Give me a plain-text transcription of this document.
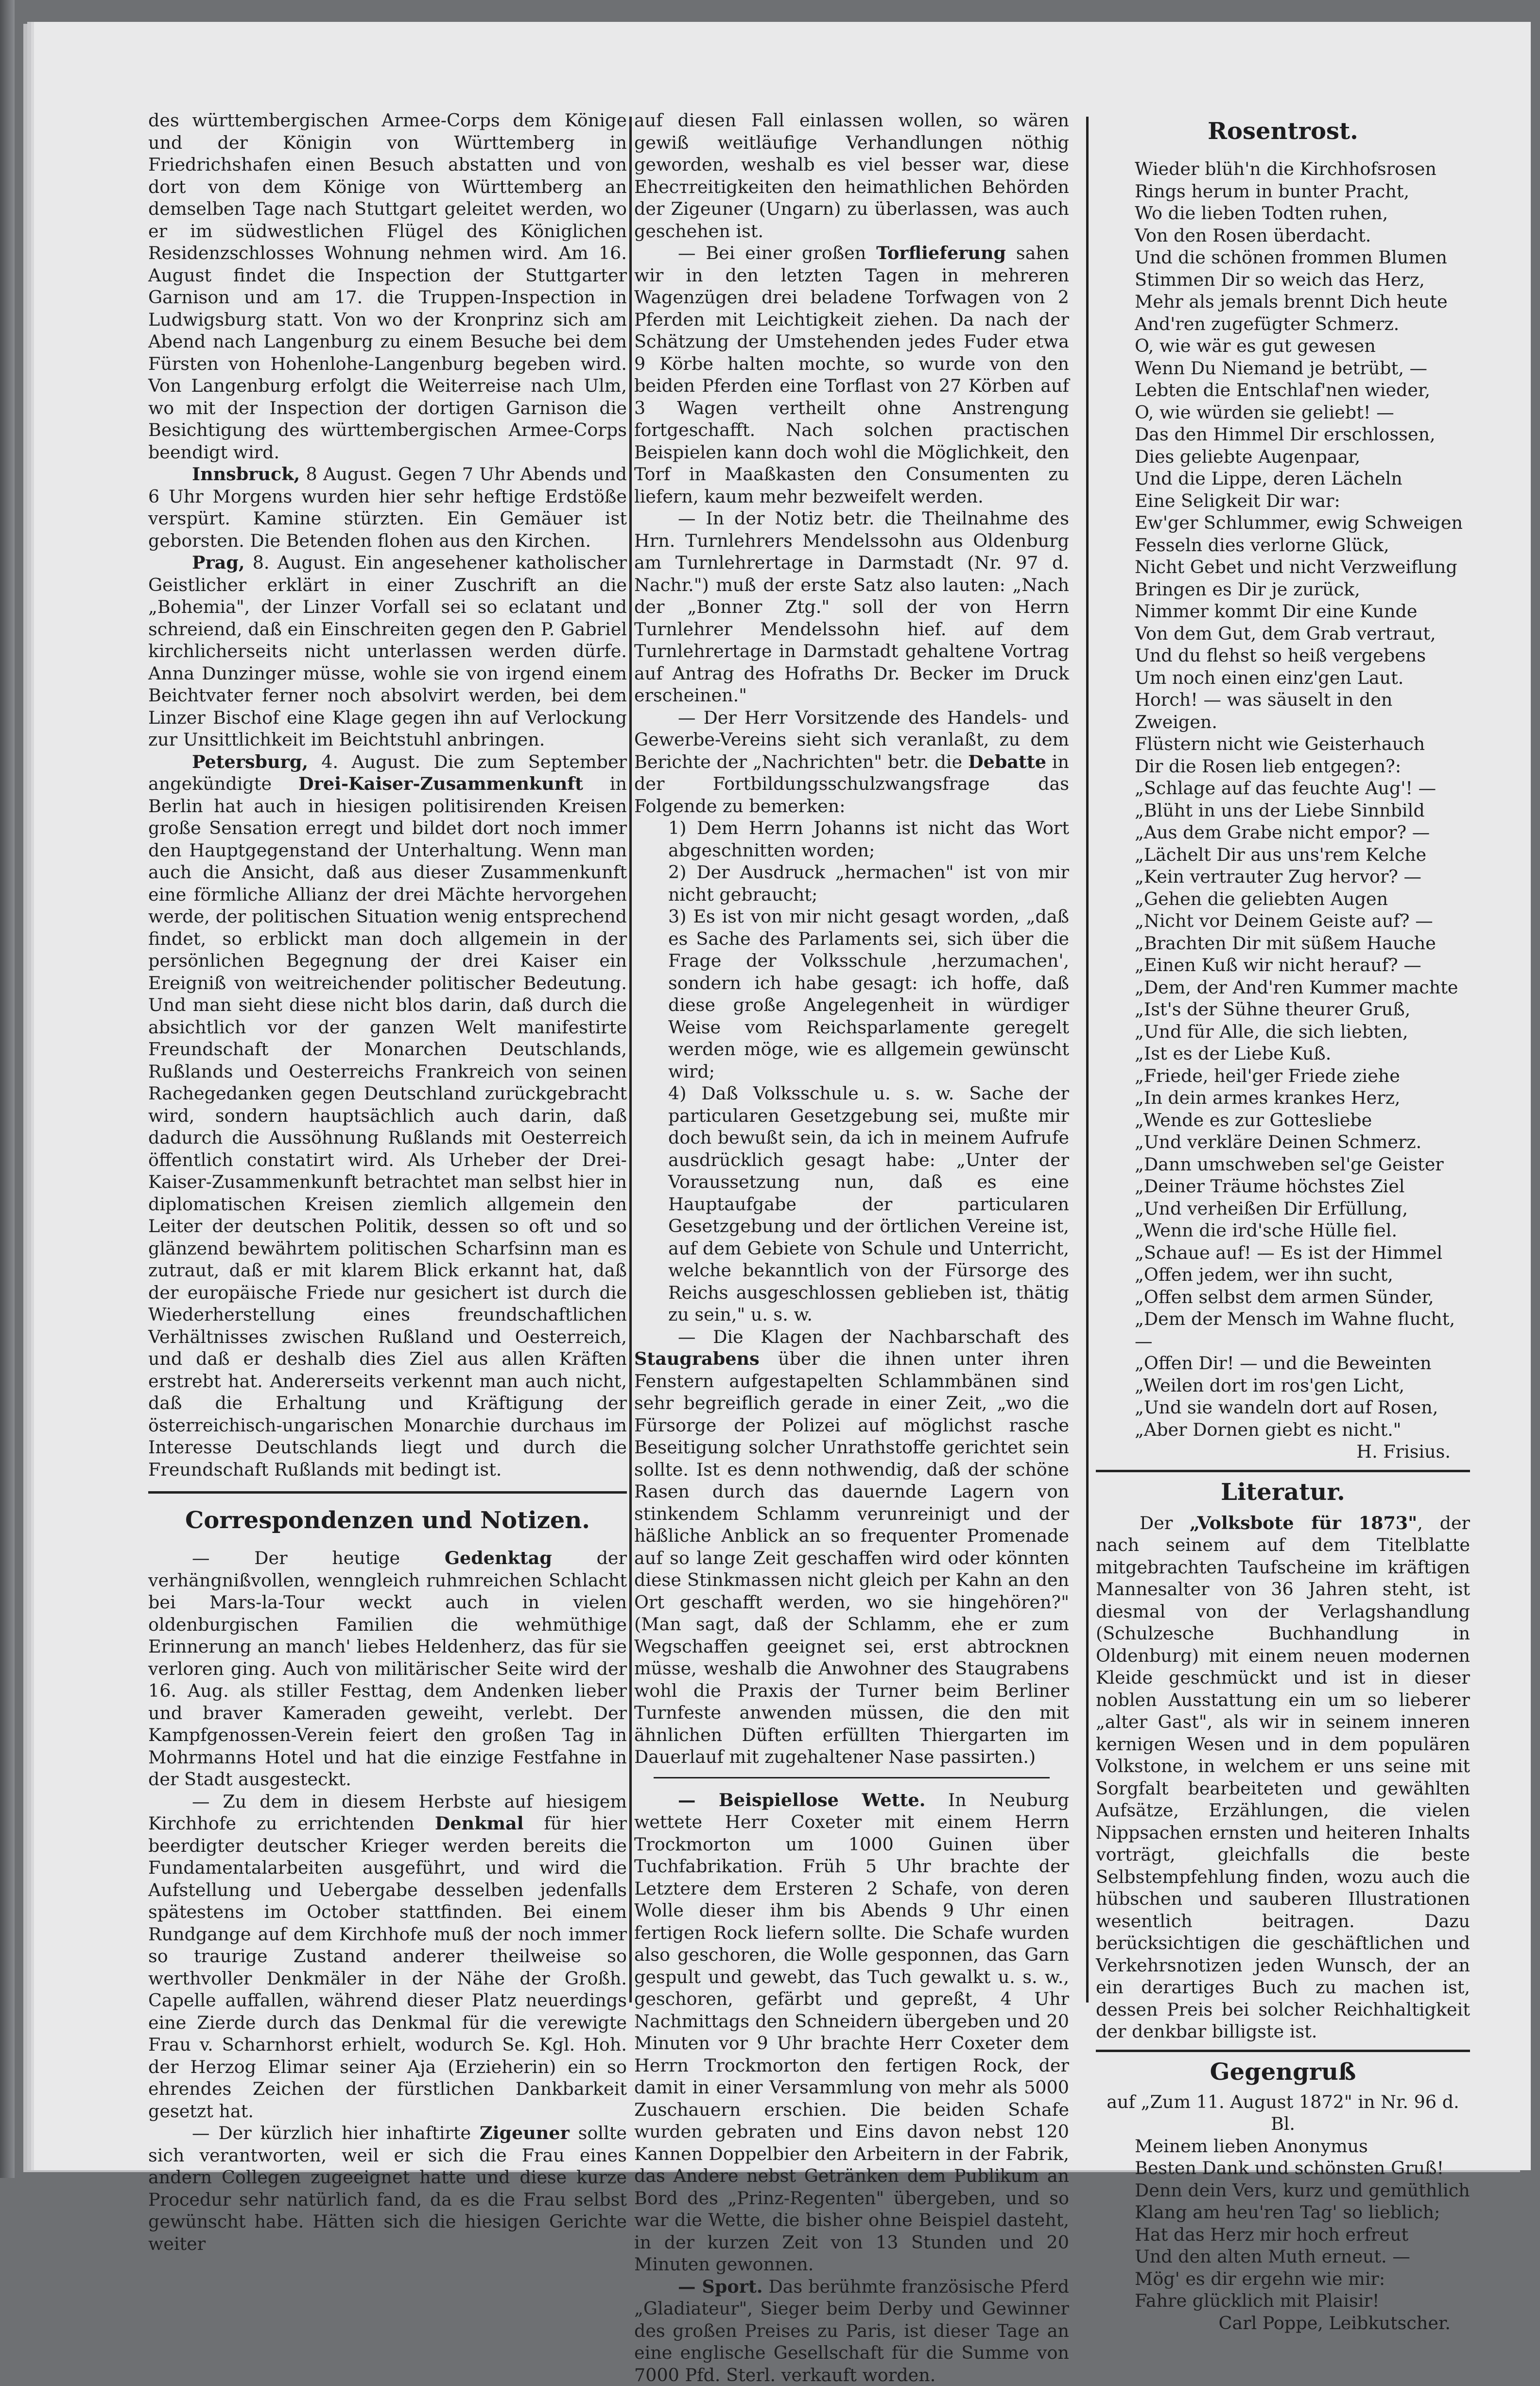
des württembergischen Armee-Corps dem Könige und der Königin von Württemberg in Friedrichshafen einen Besuch abstatten und von dort von dem Könige von Württemberg an demselben Tage nach Stuttgart geleitet werden, wo er im südwestlichen Flügel des Königlichen Residenzschlosses Wohnung nehmen wird. Am 16. August findet die Inspection der Stuttgarter Garnison und am 17. die Truppen-Inspection in Ludwigsburg statt. Von wo der Kronprinz sich am Abend nach Langenburg zu einem Besuche bei dem Fürsten von Hohenlohe-Langenburg begeben wird. Von Langenburg erfolgt die Weiterreise nach Ulm, wo mit der Inspection der dortigen Garnison die Besichtigung des württembergischen Armee-Corps beendigt wird.

Innsbruck, 8 August. Gegen 7 Uhr Abends und 6 Uhr Morgens wurden hier sehr heftige Erdstöße verspürt. Kamine stürzten. Ein Gemäuer ist geborsten. Die Betenden flohen aus den Kirchen.

Prag, 8. August. Ein angesehener katholischer Geistlicher erklärt in einer Zuschrift an die „Bohemia", der Linzer Vorfall sei so eclatant und schreiend, daß ein Einschreiten gegen den P. Gabriel kirchlicherseits nicht unterlassen werden dürfe. Anna Dunzinger müsse, wohle sie von irgend einem Beichtvater ferner noch absolvirt werden, bei dem Linzer Bischof eine Klage gegen ihn auf Verlockung zur Unsittlichkeit im Beichtstuhl anbringen.

Petersburg, 4. August. Die zum September angekündigte Drei-Kaiser-Zusammenkunft in Berlin hat auch in hiesigen politisirenden Kreisen große Sensation erregt und bildet dort noch immer den Hauptgegenstand der Unterhaltung. Wenn man auch die Ansicht, daß aus dieser Zusammenkunft eine förmliche Allianz der drei Mächte hervorgehen werde, der politischen Situation wenig entsprechend findet, so erblickt man doch allgemein in der persönlichen Begegnung der drei Kaiser ein Ereigniß von weitreichender politischer Bedeutung. Und man sieht diese nicht blos darin, daß durch die absichtlich vor der ganzen Welt manifestirte Freundschaft der Monarchen Deutschlands, Rußlands und Oesterreichs Frankreich von seinen Rachegedanken gegen Deutschland zurückgebracht wird, sondern hauptsächlich auch darin, daß dadurch die Aussöhnung Rußlands mit Oesterreich öffentlich constatirt wird. Als Urheber der Drei-Kaiser-Zusammenkunft betrachtet man selbst hier in diplomatischen Kreisen ziemlich allgemein den Leiter der deutschen Politik, dessen so oft und so glänzend bewährtem politischen Scharfsinn man es zutraut, daß er mit klarem Blick erkannt hat, daß der europäische Friede nur gesichert ist durch die Wiederherstellung eines freundschaftlichen Verhältnisses zwischen Rußland und Oesterreich, und daß er deshalb dies Ziel aus allen Kräften erstrebt hat. Andererseits verkennt man auch nicht, daß die Erhaltung und Kräftigung der österreichisch-ungarischen Monarchie durchaus im Interesse Deutschlands liegt und durch die Freundschaft Rußlands mit bedingt ist.

Correspondenzen und Notizen.

— Der heutige Gedenktag der verhängnißvollen, wenngleich ruhmreichen Schlacht bei Mars-la-Tour weckt auch in vielen oldenburgischen Familien die wehmüthige Erinnerung an manch' liebes Heldenherz, das für sie verloren ging. Auch von militärischer Seite wird der 16. Aug. als stiller Festtag, dem Andenken lieber und braver Kameraden geweiht, verlebt. Der Kampfgenossen-Verein feiert den großen Tag in Mohrmanns Hotel und hat die einzige Festfahne in der Stadt ausgesteckt.

— Zu dem in diesem Herbste auf hiesigem Kirchhofe zu errichtenden Denkmal für hier beerdigter deutscher Krieger werden bereits die Fundamentalarbeiten ausgeführt, und wird die Aufstellung und Uebergabe desselben jedenfalls spätestens im October stattfinden. Bei einem Rundgange auf dem Kirchhofe muß der noch immer so traurige Zustand anderer theilweise so werthvoller Denkmäler in der Nähe der Großh. Capelle auffallen, während dieser Platz neuerdings eine Zierde durch das Denkmal für die verewigte Frau v. Scharnhorst erhielt, wodurch Se. Kgl. Hoh. der Herzog Elimar seiner Aja (Erzieherin) ein so ehrendes Zeichen der fürstlichen Dankbarkeit gesetzt hat.

— Der kürzlich hier inhaftirte Zigeuner sollte sich verantworten, weil er sich die Frau eines andern Collegen zugeeignet hatte und diese kurze Procedur sehr natürlich fand, da es die Frau selbst gewünscht habe. Hätten sich die hiesigen Gerichte weiter

auf diesen Fall einlassen wollen, so wären gewiß weitläufige Verhandlungen nöthig geworden, weshalb es viel besser war, diese Eheстreitigkeiten den heimathlichen Behörden der Zigeuner (Ungarn) zu überlassen, was auch geschehen ist.

— Bei einer großen Torflieferung sahen wir in den letzten Tagen in mehreren Wagenzügen drei beladene Torfwagen von 2 Pferden mit Leichtigkeit ziehen. Da nach der Schätzung der Umstehenden jedes Fuder etwa 9 Körbe halten mochte, so wurde von den beiden Pferden eine Torflast von 27 Körben auf 3 Wagen vertheilt ohne Anstrengung fortgeschafft. Nach solchen practischen Beispielen kann doch wohl die Möglichkeit, den Torf in Maaßkasten den Consumenten zu liefern, kaum mehr bezweifelt werden.

— In der Notiz betr. die Theilnahme des Hrn. Turnlehrers Mendelssohn aus Oldenburg am Turnlehrertage in Darmstadt (Nr. 97 d. Nachr.") muß der erste Satz also lauten: „Nach der „Bonner Ztg." soll der von Herrn Turnlehrer Mendelssohn hief. auf dem Turnlehrertage in Darmstadt gehaltene Vortrag auf Antrag des Hofraths Dr. Becker im Druck erscheinen."

— Der Herr Vorsitzende des Handels- und Gewerbe-Vereins sieht sich veranlaßt, zu dem Berichte der „Nachrichten" betr. die Debatte in der Fortbildungsschulzwangsfrage das Folgende zu bemerken:

1) Dem Herrn Johanns ist nicht das Wort abgeschnitten worden;

2) Der Ausdruck „hermachen" ist von mir nicht gebraucht;

3) Es ist von mir nicht gesagt worden, „daß es Sache des Parlaments sei, sich über die Frage der Volksschule ‚herzumachen', sondern ich habe gesagt: ich hoffe, daß diese große Angelegenheit in würdiger Weise vom Reichsparlamente geregelt werden möge, wie es allgemein gewünscht wird;

4) Daß Volksschule u. s. w. Sache der particularen Gesetzgebung sei, mußte mir doch bewußt sein, da ich in meinem Aufrufe ausdrücklich gesagt habe: „Unter der Voraussetzung nun, daß es eine Hauptaufgabe der particularen Gesetzgebung und der örtlichen Vereine ist, auf dem Gebiete von Schule und Unterricht, welche bekanntlich von der Fürsorge des Reichs ausgeschlossen geblieben ist, thätig zu sein," u. s. w.

— Die Klagen der Nachbarschaft des Staugrabens über die ihnen unter ihren Fenstern aufgestapelten Schlammbänen sind sehr begreiflich gerade in einer Zeit, „wo die Fürsorge der Polizei auf möglichst rasche Beseitigung solcher Unrathstoffe gerichtet sein sollte. Ist es denn nothwendig, daß der schöne Rasen durch das dauernde Lagern von stinkendem Schlamm verunreinigt und der häßliche Anblick an so frequenter Promenade auf so lange Zeit geschaffen wird oder könnten diese Stinkmassen nicht gleich per Kahn an den Ort geschafft werden, wo sie hingehören?" (Man sagt, daß der Schlamm, ehe er zum Wegschaffen geeignet sei, erst abtrocknen müsse, weshalb die Anwohner des Staugrabens wohl die Praxis der Turner beim Berliner Turnfeste anwenden müssen, die den mit ähnlichen Düften erfüllten Thiergarten im Dauerlauf mit zugehaltener Nase passirten.)

— Beispiellose Wette. In Neuburg wettete Herr Coxeter mit einem Herrn Trockmorton um 1000 Guinen über Tuchfabrikation. Früh 5 Uhr brachte der Letztere dem Ersteren 2 Schafe, von deren Wolle dieser ihm bis Abends 9 Uhr einen fertigen Rock liefern sollte. Die Schafe wurden also geschoren, die Wolle gesponnen, das Garn gespult und gewebt, das Tuch gewalkt u. s. w., geschoren, gefärbt und gepreßt, 4 Uhr Nachmittags den Schneidern übergeben und 20 Minuten vor 9 Uhr brachte Herr Coxeter dem Herrn Trockmorton den fertigen Rock, der damit in einer Versammlung von mehr als 5000 Zuschauern erschien. Die beiden Schafe wurden gebraten und Eins davon nebst 120 Kannen Doppelbier den Arbeitern in der Fabrik, das Andere nebst Getränken dem Publikum an Bord des „Prinz-Regenten" übergeben, und so war die Wette, die bisher ohne Beispiel dasteht, in der kurzen Zeit von 13 Stunden und 20 Minuten gewonnen.

— Sport. Das berühmte französische Pferd „Gladiateur", Sieger beim Derby und Gewinner des großen Preises zu Paris, ist dieser Tage an eine englische Gesellschaft für die Summe von 7000 Pfd. Sterl. verkauft worden.

Rosentrost.
Wieder blüh'n die Kirchhofsrosen
Rings herum in bunter Pracht,
Wo die lieben Todten ruhen,
Von den Rosen überdacht.
Und die schönen frommen Blumen
Stimmen Dir so weich das Herz,
Mehr als jemals brennt Dich heute
And'ren zugefügter Schmerz.
O, wie wär es gut gewesen
Wenn Du Niemand je betrübt, —
Lebten die Entschlaf'nen wieder,
O, wie würden sie geliebt! —
Das den Himmel Dir erschlossen,
Dies geliebte Augenpaar,
Und die Lippe, deren Lächeln
Eine Seligkeit Dir war:
Ew'ger Schlummer, ewig Schweigen
Fesseln dies verlorne Glück,
Nicht Gebet und nicht Verzweiflung
Bringen es Dir je zurück,
Nimmer kommt Dir eine Kunde
Von dem Gut, dem Grab vertraut,
Und du flehst so heiß vergebens
Um noch einen einz'gen Laut.
Horch! — was säuselt in den Zweigen.
Flüstern nicht wie Geisterhauch
Dir die Rosen lieb entgegen?:
„Schlage auf das feuchte Aug'! —
„Blüht in uns der Liebe Sinnbild
„Aus dem Grabe nicht empor? —
„Lächelt Dir aus uns'rem Kelche
„Kein vertrauter Zug hervor? —
„Gehen die geliebten Augen
„Nicht vor Deinem Geiste auf? —
„Brachten Dir mit süßem Hauche
„Einen Kuß wir nicht herauf? —
„Dem, der And'ren Kummer machte
„Ist's der Sühne theurer Gruß,
„Und für Alle, die sich liebten,
„Ist es der Liebe Kuß.
„Friede, heil'ger Friede ziehe
„In dein armes krankes Herz,
„Wende es zur Gottesliebe
„Und verkläre Deinen Schmerz.
„Dann umschweben sel'ge Geister
„Deiner Träume höchstes Ziel
„Und verheißen Dir Erfüllung,
„Wenn die ird'sche Hülle fiel.
„Schaue auf! — Es ist der Himmel
„Offen jedem, wer ihn sucht,
„Offen selbst dem armen Sünder,
„Dem der Mensch im Wahne flucht, —
„Offen Dir! — und die Beweinten
„Weilen dort im ros'gen Licht,
„Und sie wandeln dort auf Rosen,
„Aber Dornen giebt es nicht."

H. Frisius.

Literatur.

Der „Volksbote für 1873", der nach seinem auf dem Titelblatte mitgebrachten Taufscheine im kräftigen Mannesalter von 36 Jahren steht, ist diesmal von der Verlagshandlung (Schulzesche Buchhandlung in Oldenburg) mit einem neuen modernen Kleide geschmückt und ist in dieser noblen Ausstattung ein um so lieberer „alter Gast", als wir in seinem inneren kernigen Wesen und in dem populären Volkstone, in welchem er uns seine mit Sorgfalt bearbeiteten und gewählten Aufsätze, Erzählungen, die vielen Nippsachen ernsten und heiteren Inhalts vorträgt, gleichfalls die beste Selbstempfehlung finden, wozu auch die hübschen und sauberen Illustrationen wesentlich beitragen. Dazu berücksichtigen die geschäftlichen und Verkehrsnotizen jeden Wunsch, der an ein derartiges Buch zu machen ist, dessen Preis bei solcher Reichhaltigkeit der denkbar billigste ist.

Gegengruß

auf „Zum 11. August 1872" in Nr. 96 d. Bl.

Meinem lieben Anonymus
Besten Dank und schönsten Gruß!
Denn dein Vers, kurz und gemüthlich
Klang am heu'ren Tag' so lieblich;
Hat das Herz mir hoch erfreut
Und den alten Muth erneut. —
Mög' es dir ergehn wie mir:
Fahre glücklich mit Plaisir!

Carl Poppe, Leibkutscher.
